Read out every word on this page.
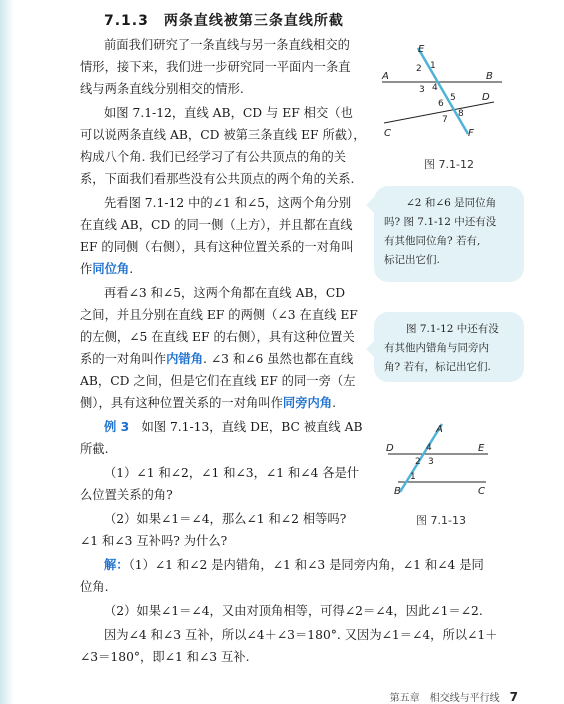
7.1.3　两条直线被第三条直线所截

前面我们研究了一条直线与另一条直线相交的

情形，接下来，我们进一步研究同一平面内一条直

线与两条直线分别相交的情形.

如图 7.1-12，直线 AB，CD 与 EF 相交（也

可以说两条直线 AB，CD 被第三条直线 EF 所截），

构成八个角. 我们已经学习了有公共顶点的角的关

系，下面我们看那些没有公共顶点的两个角的关系.

先看图 7.1-12 中的∠1 和∠5，这两个角分别

在直线 AB，CD 的同一侧（上方），并且都在直线

EF 的同侧（右侧），具有这种位置关系的一对角叫

作同位角.

再看∠3 和∠5，这两个角都在直线 AB，CD

之间，并且分别在直线 EF 的两侧（∠3 在直线 EF

的左侧，∠5 在直线 EF 的右侧），具有这种位置关

系的一对角叫作内错角. ∠3 和∠6 虽然也都在直线

AB，CD 之间，但是它们在直线 EF 的同一旁（左

侧），具有这种位置关系的一对角叫作同旁内角.

例 3　如图 7.1-13，直线 DE，BC 被直线 AB

所截.

（1）∠1 和∠2，∠1 和∠3，∠1 和∠4 各是什

么位置关系的角?

（2）如果∠1＝∠4，那么∠1 和∠2 相等吗?

∠1 和∠3 互补吗? 为什么?

解：（1）∠1 和∠2 是内错角，∠1 和∠3 是同旁内角，∠1 和∠4 是同

位角.

（2）如果∠1＝∠4，又由对顶角相等，可得∠2＝∠4，因此∠1＝∠2.

因为∠4 和∠3 互补，所以∠4＋∠3＝180°. 又因为∠1＝∠4，所以∠1＋

∠3＝180°，即∠1 和∠3 互补.

A	B
C
D
E
F
1
2
3 4
5
6
7
8
图 7.1-12
∠2 和∠6 是同位角
吗? 图 7.1-12 中还有没
有其他同位角? 若有,
标记出它们.
图 7.1-12 中还有没
有其他内错角与同旁内
角? 若有，标记出它们.
A
B	C
D	E
1
2 3
4
图 7.1-13
第五章　相交线与平行线 7
